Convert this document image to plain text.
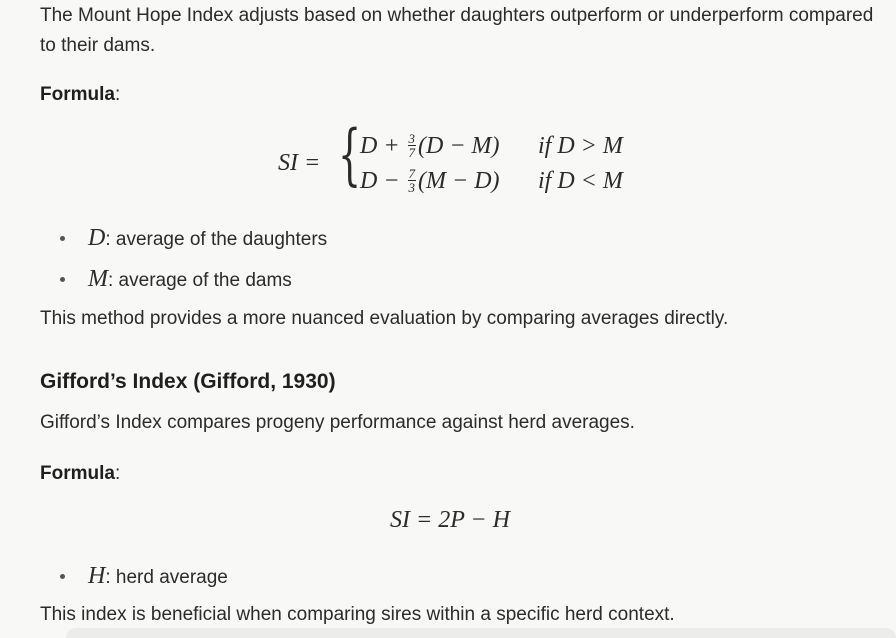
The Mount Hope Index adjusts based on whether daughters outperform or underperform compared to their dams.

Formula:
SI = {
$D + \frac{3}{7} (D - M)$ if D > M
$D - \frac{7}{3} (M - D)$ if D < M
D: average of the daughters
M: average of the dams

This method provides a more nuanced evaluation by comparing averages directly.

Gifford’s Index (Gifford, 1930)

Gifford’s Index compares progeny performance against herd averages.

Formula:
SI = 2P − H
H: herd average

This index is beneficial when comparing sires within a specific herd context.
